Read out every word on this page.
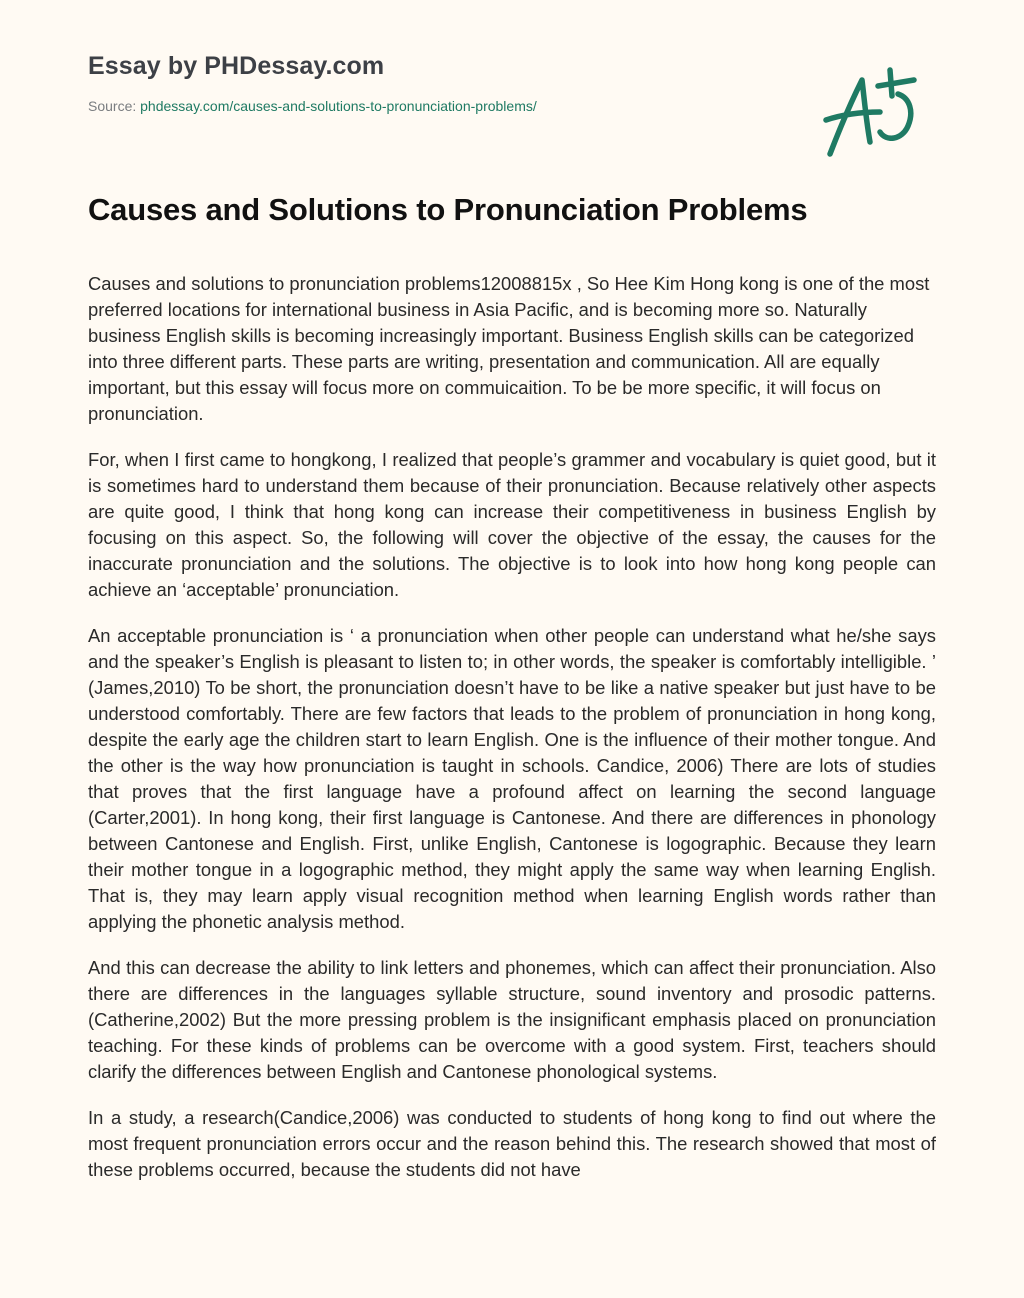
Essay by PHDessay.com
Source: phdessay.com/causes-and-solutions-to-pronunciation-problems/
Causes and Solutions to Pronunciation Problems

Causes and solutions to pronunciation problems12008815x , So Hee Kim Hong kong is one of the most preferred locations for international business in Asia Pacific, and is becoming more so. Naturally business English skills is becoming increasingly important. Business English skills can be categorized into three different parts. These parts are writing, presentation and communication. All are equally important, but this essay will focus more on commuicaition. To be be more specific, it will focus on pronunciation.

For, when I first came to hongkong, I realized that people’s grammer and vocabulary is quiet good, but it is sometimes hard to understand them because of their pronunciation. Because relatively other aspects are quite good, I think that hong kong can increase their competitiveness in business English by focusing on this aspect. So, the following will cover the objective of the essay, the causes for the inaccurate pronunciation and the solutions. The objective is to look into how hong kong people can achieve an ‘acceptable’ pronunciation.

An acceptable pronunciation is ‘ a pronunciation when other people can understand what he/she says and the speaker’s English is pleasant to listen to; in other words, the speaker is comfortably intelligible. ’ (James,2010) To be short, the pronunciation doesn’t have to be like a native speaker but just have to be understood comfortably. There are few factors that leads to the problem of pronunciation in hong kong, despite the early age the children start to learn English. One is the influence of their mother tongue. And the other is the way how pronunciation is taught in schools. Candice, 2006) There are lots of studies that proves that the first language have a profound affect on learning the second language (Carter,2001). In hong kong, their first language is Cantonese. And there are differences in phonology between Cantonese and English. First, unlike English, Cantonese is logographic. Because they learn their mother tongue in a logographic method, they might apply the same way when learning English. That is, they may learn apply visual recognition method when learning English words rather than applying the phonetic analysis method.

And this can decrease the ability to link letters and phonemes, which can affect their pronunciation. Also there are differences in the languages syllable structure, sound inventory and prosodic patterns. (Catherine,2002) But the more pressing problem is the insignificant emphasis placed on pronunciation teaching. For these kinds of problems can be overcome with a good system. First, teachers should clarify the differences between English and Cantonese phonological systems.

In a study, a research(Candice,2006) was conducted to students of hong kong to find out where the most frequent pronunciation errors occur and the reason behind this. The research showed that most of these problems occurred, because the students did not have
